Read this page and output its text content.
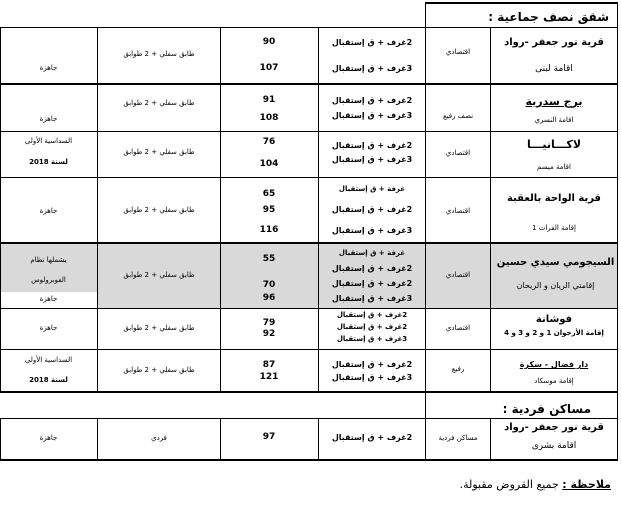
شقق نصف جماعية :
قرية نور جعفر -رواد
اقامة لبنى
اقتصادي
2غرف + ق إستقبال
3غرف + ق إستقبال
90
107
طابق سفلي + 2 طوابق
جاهزة
برج سدرية
اقامة النسري
نصف رفيع
2غرف + ق إستقبال
3غرف + ق إستقبال
91
108
طابق سفلي + 2 طوابق
جاهزة
لاكـــانيـــا
اقامة ميسم
اقتصادي
2غرف + ق إستقبال
3غرف + ق إستقبال
76
104
طابق سفلي + 2 طوابق
السداسية الأولى
لسنة 2018
قرية الواحة بالعقبة
إقامة الفرات 1
اقتصادي
غرفة + ق إستقبال
2غرف + ق إستقبال
3غرف + ق إستقبال
65
95
116
طابق سفلي + 2 طوابق
جاهزة
السيجومي سيدي حسين
إقامتي الريان و الريحان
اقتصادي
غرفة + ق إستقبال
2غرف + ق إستقبال
2غرف + ق إستقبال
3غرف + ق إستقبال
55
70
96
طابق سفلي + 2 طوابق
يشملها نظام
الفوبرولوس
جاهزة
فوشانة
إقامة الأرجوان 1 و 2 و 3 و 4
اقتصادي
2غرف + ق إستقبال
2غرف + ق إستقبال
3غرف + ق إستقبال
79
92
طابق سفلي + 2 طوابق
جاهزة
دار فضال - سكرة
إقامة موسكاد
رفيع
2غرف + ق إستقبال
3غرف + ق إستقبال
87
121
طابق سفلي + 2 طوابق
السداسية الأولى
لسنة 2018
مساكن فردية :
قرية نور جعفر -رواد
اقامة بشرى
مساكن فردية
2غرف + ق إستقبال
97
فردي
جاهزة
ملاحظة : جميع القروض مقبولة.
